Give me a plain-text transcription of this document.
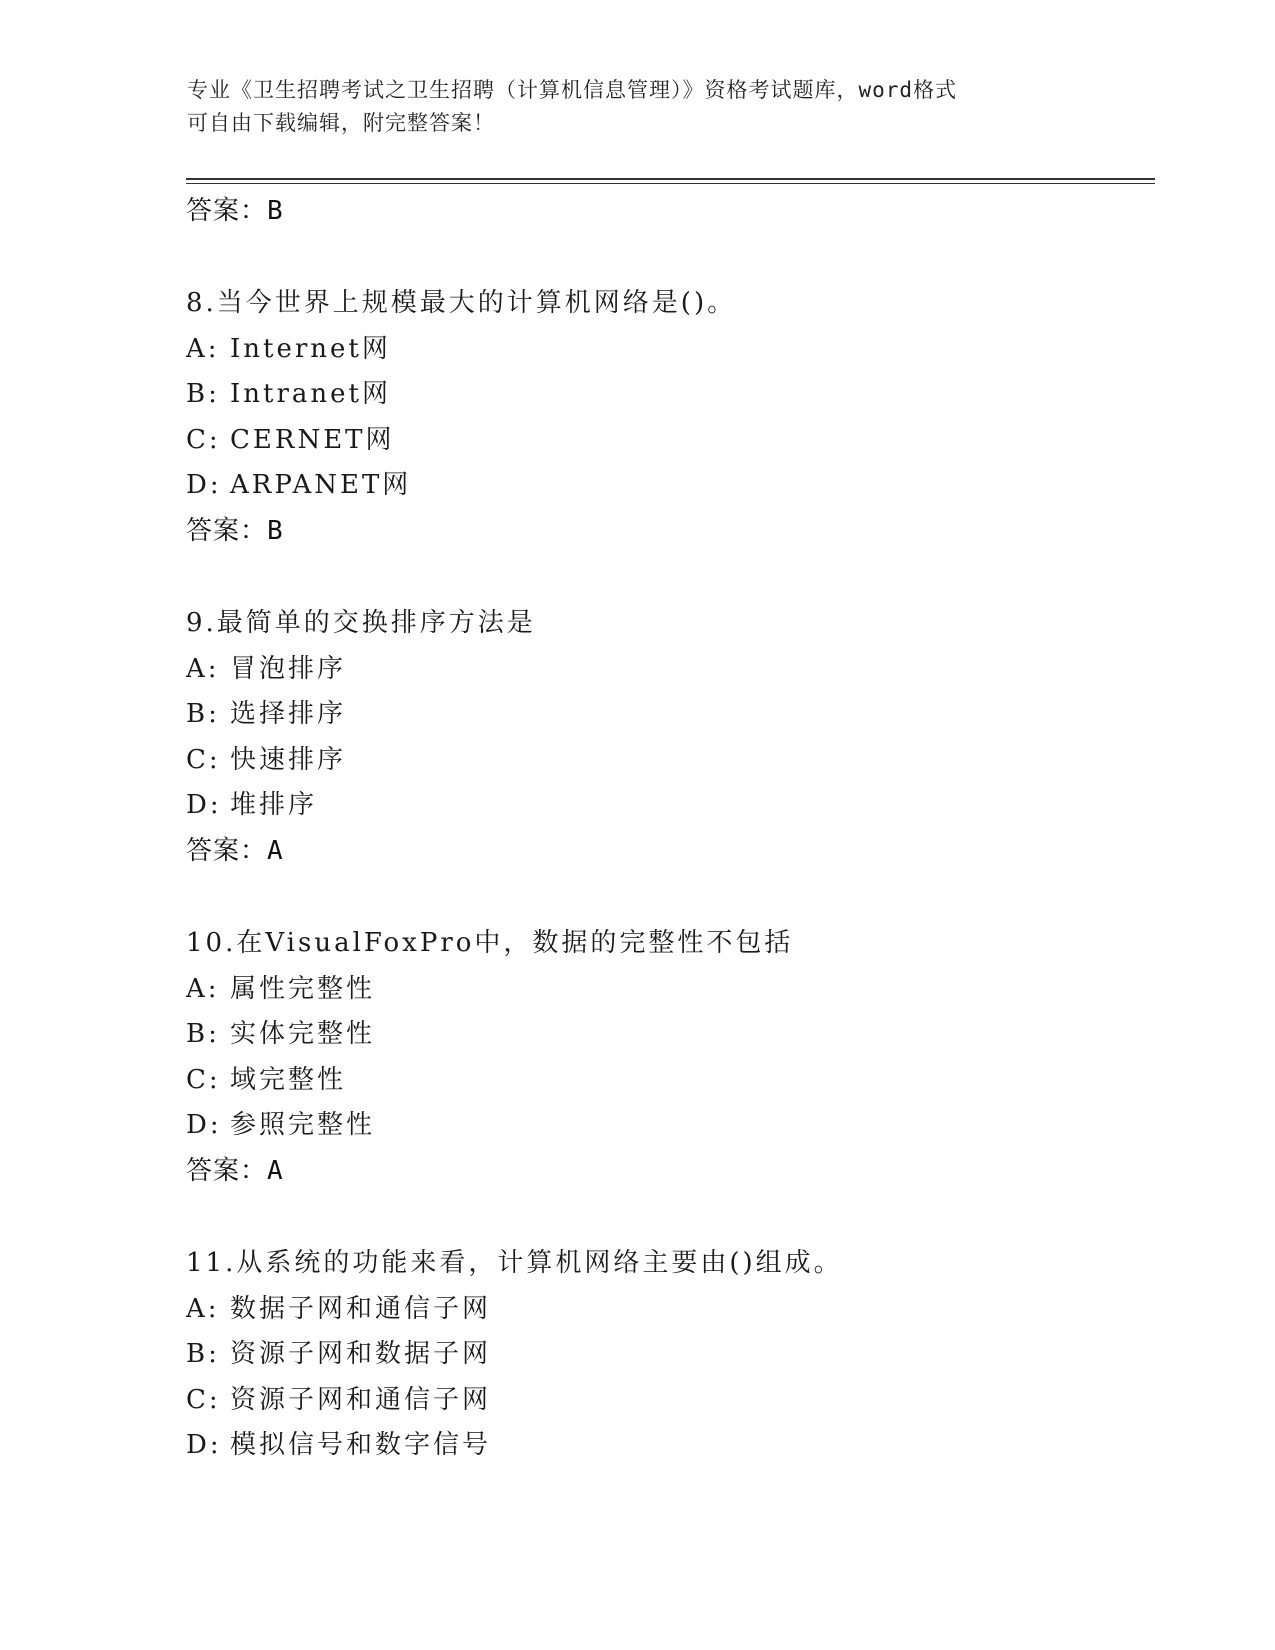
专业《卫生招聘考试之卫生招聘（计算机信息管理）》资格考试题库，word格式
可自由下载编辑，附完整答案！
答案：B
8.当今世界上规模最大的计算机网络是()。
A: Internet网
B: Intranet网
C: CERNET网
D: ARPANET网
答案：B
9.最简单的交换排序方法是
A: 冒泡排序
B: 选择排序
C: 快速排序
D: 堆排序
答案：A
10.在VisualFoxPro中，数据的完整性不包括
A: 属性完整性
B: 实体完整性
C: 域完整性
D: 参照完整性
答案：A
11.从系统的功能来看，计算机网络主要由()组成。
A: 数据子网和通信子网
B: 资源子网和数据子网
C: 资源子网和通信子网
D: 模拟信号和数字信号
